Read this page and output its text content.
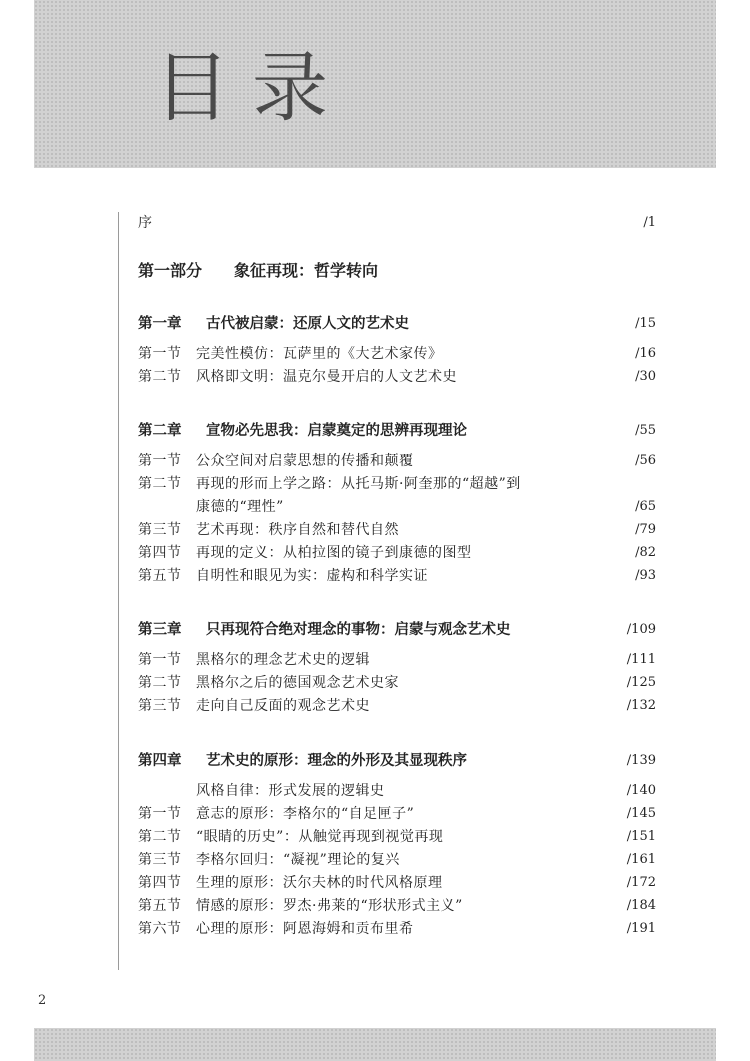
目录
序	/1
第一部分 象征再现：哲学转向
第一章 古代被启蒙：还原人文的艺术史	/15
第一节 完美性模仿：瓦萨里的《大艺术家传》	/16
第二节 风格即文明：温克尔曼开启的人文艺术史	/30
第二章 宣物必先思我：启蒙奠定的思辨再现理论	/55
第一节 公众空间对启蒙思想的传播和颠覆	/56
第二节 再现的形而上学之路：从托马斯·阿奎那的“超越”到
康德的“理性”	/65
第三节 艺术再现：秩序自然和替代自然	/79
第四节 再现的定义：从柏拉图的镜子到康德的图型	/82
第五节 自明性和眼见为实：虚构和科学实证	/93
第三章 只再现符合绝对理念的事物：启蒙与观念艺术史	/109
第一节 黑格尔的理念艺术史的逻辑	/111
第二节 黑格尔之后的德国观念艺术史家	/125
第三节 走向自己反面的观念艺术史	/132
第四章 艺术史的原形：理念的外形及其显现秩序	/139
风格自律：形式发展的逻辑史	/140
第一节 意志的原形：李格尔的“自足匣子”	/145
第二节 “眼睛的历史”：从触觉再现到视觉再现	/151
第三节 李格尔回归：“凝视”理论的复兴	/161
第四节 生理的原形：沃尔夫林的时代风格原理	/172
第五节 情感的原形：罗杰·弗莱的“形状形式主义”	/184
第六节 心理的原形：阿恩海姆和贡布里希	/191
2
